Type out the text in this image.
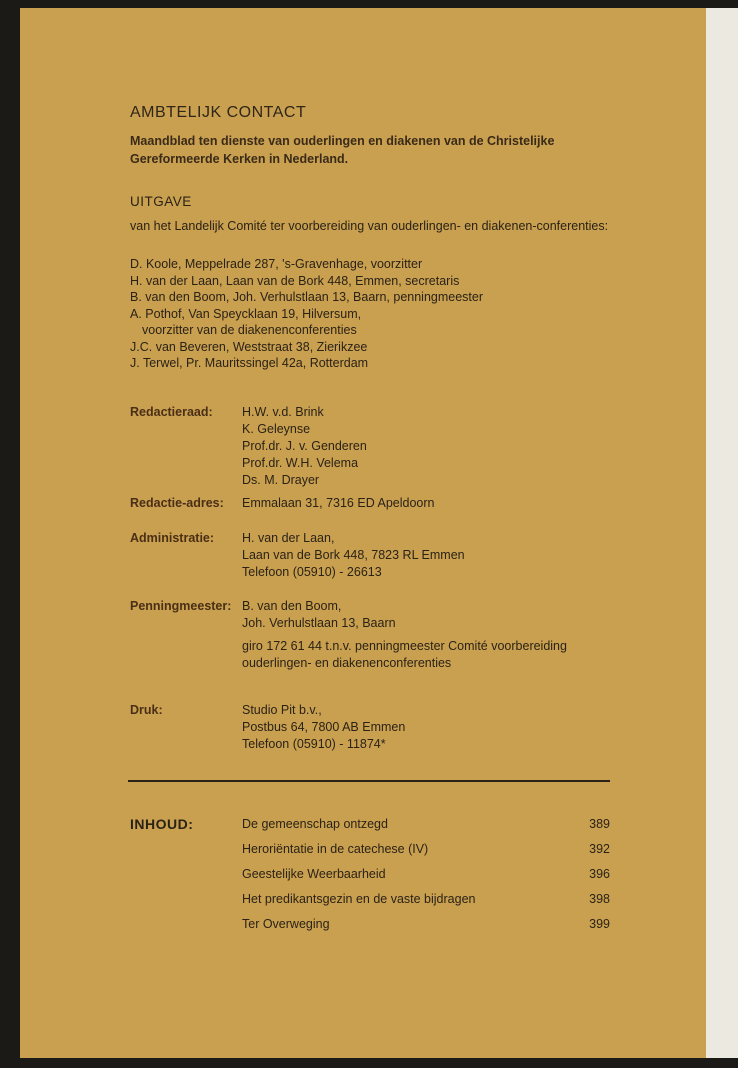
AMBTELIJK CONTACT
Maandblad ten dienste van ouderlingen en diakenen van de Christelijke Gereformeerde Kerken in Nederland.
UITGAVE
van het Landelijk Comité ter voorbereiding van ouderlingen- en diakenen-conferenties:
D. Koole, Meppelrade 287, 's-Gravenhage, voorzitter
H. van der Laan, Laan van de Bork 448, Emmen, secretaris
B. van den Boom, Joh. Verhulstlaan 13, Baarn, penningmeester
A. Pothof, Van Speycklaan 19, Hilversum,
voorzitter van de diakenenconferenties
J.C. van Beveren, Weststraat 38, Zierikzee
J. Terwel, Pr. Mauritssingel 42a, Rotterdam
Redactieraad: H.W. v.d. Brink
K. Geleynse
Prof.dr. J. v. Genderen
Prof.dr. W.H. Velema
Ds. M. Drayer
Redactie-adres: Emmalaan 31, 7316 ED Apeldoorn
Administratie: H. van der Laan,
Laan van de Bork 448, 7823 RL Emmen
Telefoon (05910) - 26613
Penningmeester: B. van den Boom,
Joh. Verhulstlaan 13, Baarn
giro 172 61 44 t.n.v. penningmeester Comité voorbereiding
ouderlingen- en diakenenconferenties
Druk:	Studio Pit b.v.,
Postbus 64, 7800 AB Emmen
Telefoon (05910) - 11874*
INHOUD:	De gemeenschap ontzegd	389
Heroriëntatie in de catechese (IV)	392
Geestelijke Weerbaarheid	396
Het predikantsgezin en de vaste bijdragen	398
Ter Overweging	399
